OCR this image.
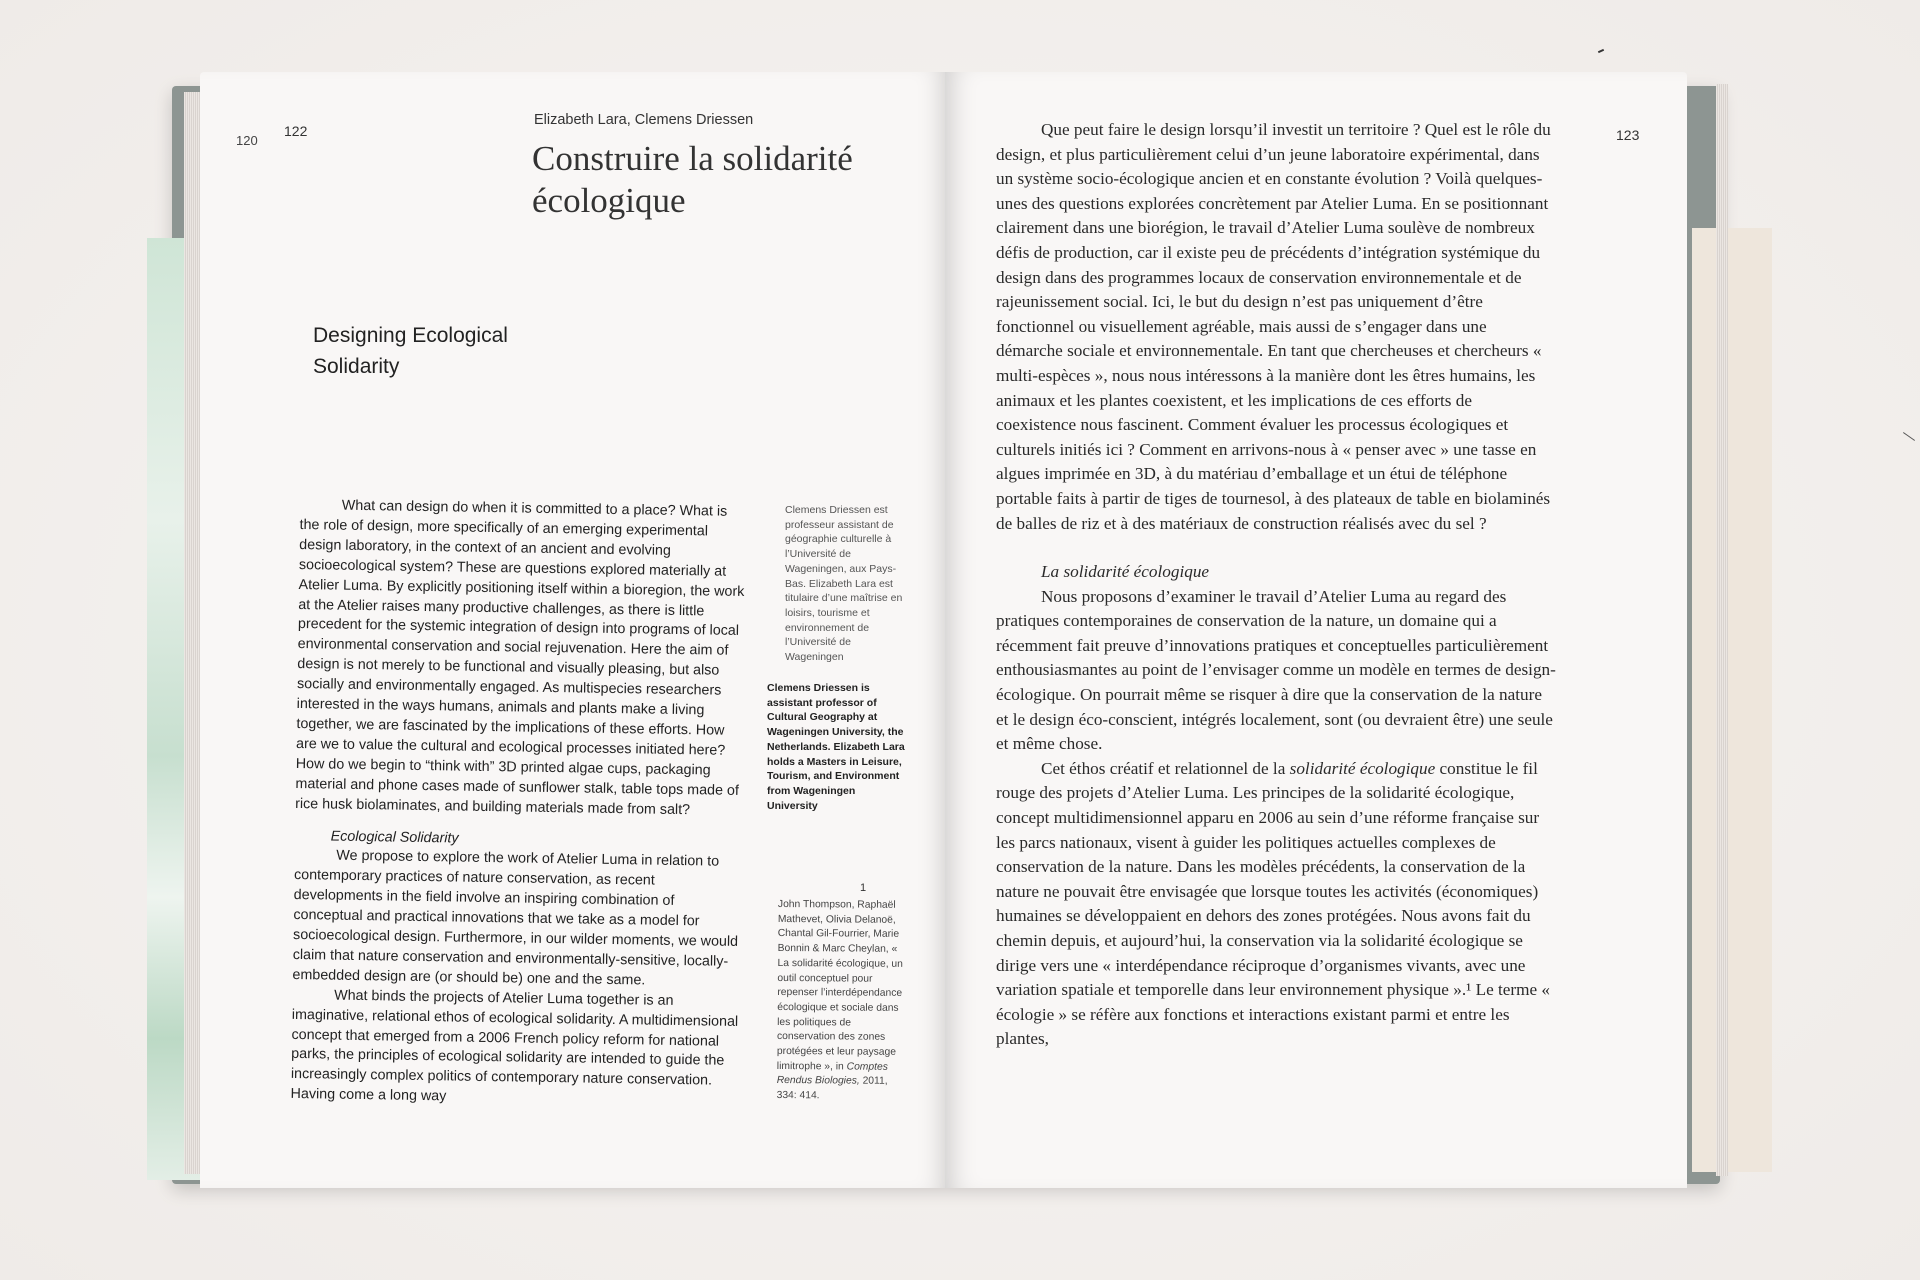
120
122	123
Elizabeth Lara, Clemens Driessen
Construire la solidarité écologique
Designing Ecological Solidarity

What can design do when it is committed to a place? What is the role of design, more specifically of an emerging experimental design laboratory, in the context of an ancient and evolving socioecological system? These are questions explored materially at Atelier Luma. By explicitly positioning itself within a bioregion, the work at the Atelier raises many productive challenges, as there is little precedent for the systemic integration of design into programs of local environmental conservation and social rejuvenation. Here the aim of design is not merely to be functional and visually pleasing, but also socially and environmentally engaged. As multispecies researchers interested in the ways humans, animals and plants make a living together, we are fascinated by the implications of these efforts. How are we to value the cultural and ecological processes initiated here? How do we begin to “think with” 3D printed algae cups, packaging material and phone cases made of sunflower stalk, table tops made of rice husk biolaminates, and building materials made from salt?

Ecological Solidarity

We propose to explore the work of Atelier Luma in relation to contemporary practices of nature conservation, as recent developments in the field involve an inspiring combination of conceptual and practical innovations that we take as a model for socioecological design. Furthermore, in our wilder moments, we would claim that nature conservation and environmentally-sensitive, locally-embedded design are (or should be) one and the same.

What binds the projects of Atelier Luma together is an imaginative, relational ethos of ecological solidarity. A multidimensional concept that emerged from a 2006 French policy reform for national parks, the principles of ecological solidarity are intended to guide the increasingly complex politics of contemporary nature conservation. Having come a long way

Clemens Driessen est professeur assistant de géographie culturelle à l’Université de Wageningen, aux Pays-Bas. Elizabeth Lara est titulaire d’une maîtrise en loisirs, tourisme et environnement de l’Université de Wageningen
Clemens Driessen is assistant professor of Cultural Geography at Wageningen University, the Netherlands. Elizabeth Lara holds a Masters in Leisure, Tourism, and Environment from Wageningen University
1
John Thompson, Raphaël Mathevet, Olivia Delanoë, Chantal Gil-Fourrier, Marie Bonnin & Marc Cheylan, « La solidarité écologique, un outil conceptuel pour repenser l’interdépendance écologique et sociale dans les politiques de conservation des zones protégées et leur paysage limitrophe », in Comptes Rendus Biologies, 2011, 334: 414.

Que peut faire le design lorsqu’il investit un territoire ? Quel est le rôle du design, et plus particulièrement celui d’un jeune laboratoire expérimental, dans un système socio-écologique ancien et en constante évolution ? Voilà quelques-unes des questions explorées concrètement par Atelier Luma. En se positionnant clairement dans une biorégion, le travail d’Atelier Luma soulève de nombreux défis de production, car il existe peu de précédents d’intégration systémique du design dans des programmes locaux de conservation environnementale et de rajeunissement social. Ici, le but du design n’est pas uniquement d’être fonctionnel ou visuellement agréable, mais aussi de s’engager dans une démarche sociale et environnementale. En tant que chercheuses et chercheurs « multi-espèces », nous nous intéressons à la manière dont les êtres humains, les animaux et les plantes coexistent, et les implications de ces efforts de coexistence nous fascinent. Comment évaluer les processus écologiques et culturels initiés ici ? Comment en arrivons-nous à « penser avec » une tasse en algues imprimée en 3D, à du matériau d’emballage et un étui de téléphone portable faits à partir de tiges de tournesol, à des plateaux de table en biolaminés de balles de riz et à des matériaux de construction réalisés avec du sel ?

La solidarité écologique

Nous proposons d’examiner le travail d’Atelier Luma au regard des pratiques contemporaines de conservation de la nature, un domaine qui a récemment fait preuve d’innovations pratiques et conceptuelles particulièrement enthousiasmantes au point de l’envisager comme un modèle en termes de design-écologique. On pourrait même se risquer à dire que la conservation de la nature et le design éco-conscient, intégrés localement, sont (ou devraient être) une seule et même chose.

Cet éthos créatif et relationnel de la solidarité écologique constitue le fil rouge des projets d’Atelier Luma. Les principes de la solidarité écologique, concept multidimensionnel apparu en 2006 au sein d’une réforme française sur les parcs nationaux, visent à guider les politiques actuelles complexes de conservation de la nature. Dans les modèles précédents, la conservation de la nature ne pouvait être envisagée que lorsque toutes les activités (économiques) humaines se développaient en dehors des zones protégées. Nous avons fait du chemin depuis, et aujourd’hui, la conservation via la solidarité écologique se dirige vers une « interdépendance réciproque d’organismes vivants, avec une variation spatiale et temporelle dans leur environnement physique ».¹ Le terme « écologie » se réfère aux fonctions et interactions existant parmi et entre les plantes,
